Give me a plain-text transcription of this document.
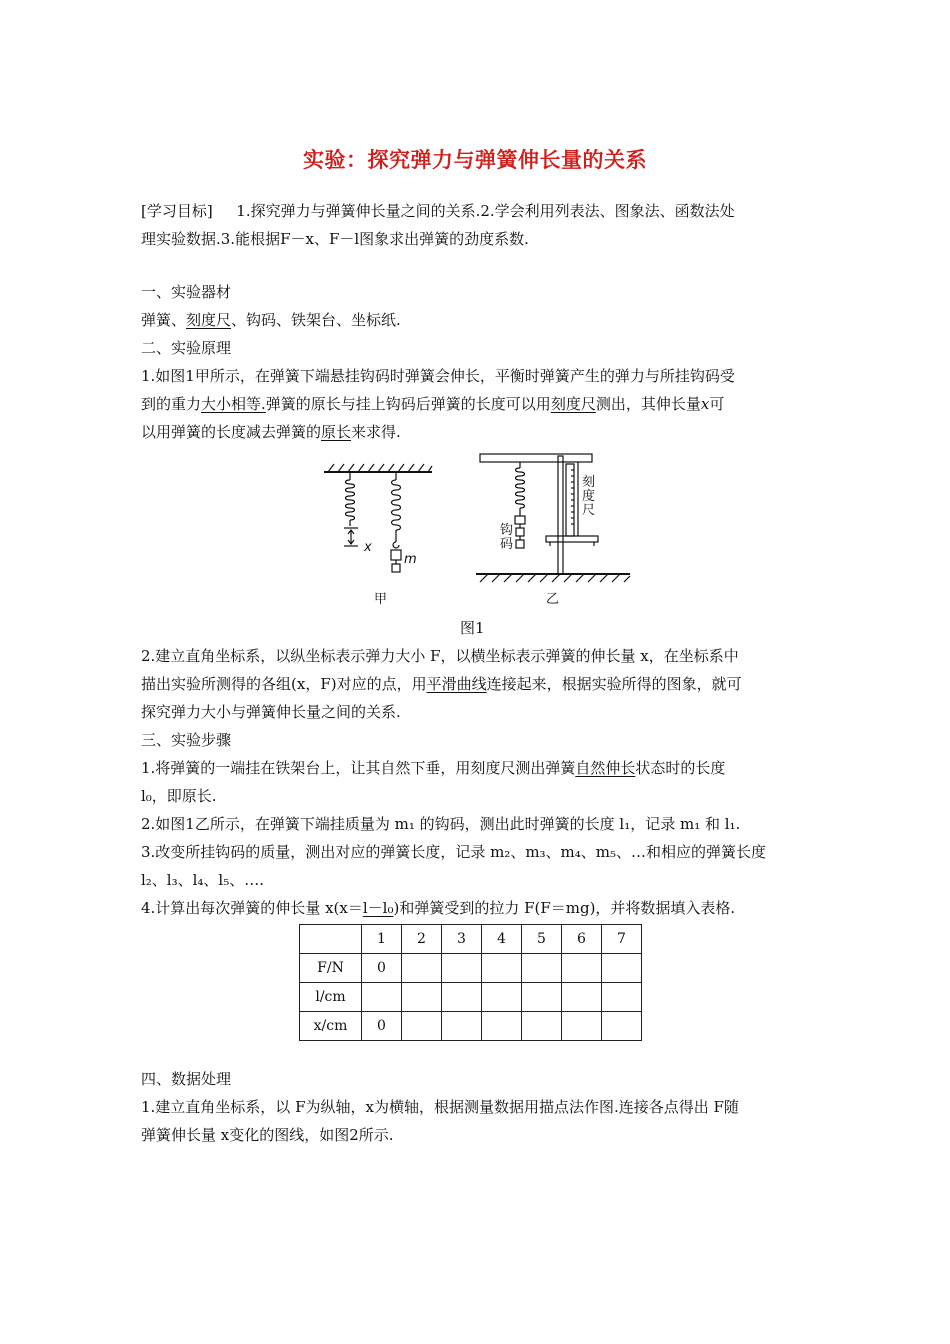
实验：探究弹力与弹簧伸长量的关系
[学习目标] 1.探究弹力与弹簧伸长量之间的关系.2.学会利用列表法、图象法、函数法处
理实验数据.3.能根据F－x、F－l图象求出弹簧的劲度系数.
一、实验器材
弹簧、刻度尺、钩码、铁架台、坐标纸.
二、实验原理
1.如图1甲所示，在弹簧下端悬挂钩码时弹簧会伸长，平衡时弹簧产生的弹力与所挂钩码受
到的重力大小相等.弹簧的原长与挂上钩码后弹簧的长度可以用刻度尺测出，其伸长量x可
以用弹簧的长度减去弹簧的原长来求得.
x
m
刻
度
尺
钩
码
甲	乙
图1
2.建立直角坐标系，以纵坐标表示弹力大小 F，以横坐标表示弹簧的伸长量 x，在坐标系中
描出实验所测得的各组(x，F)对应的点，用平滑曲线连接起来，根据实验所得的图象，就可
探究弹力大小与弹簧伸长量之间的关系.
三、实验步骤
1.将弹簧的一端挂在铁架台上，让其自然下垂，用刻度尺测出弹簧自然伸长状态时的长度
l₀，即原长.
2.如图1乙所示，在弹簧下端挂质量为 m₁ 的钩码，测出此时弹簧的长度 l₁，记录 m₁ 和 l₁.
3.改变所挂钩码的质量，测出对应的弹簧长度，记录 m₂、m₃、m₄、m₅、…和相应的弹簧长度
l₂、l₃、l₄、l₅、….
4.计算出每次弹簧的伸长量 x(x＝l－l₀)和弹簧受到的拉力 F(F＝mg)，并将数据填入表格.
	1	2	3	4	5	6	7
F/N	0						
l/cm							
x/cm	0						
四、数据处理
1.建立直角坐标系，以 F为纵轴，x为横轴，根据测量数据用描点法作图.连接各点得出 F随
弹簧伸长量 x变化的图线，如图2所示.
